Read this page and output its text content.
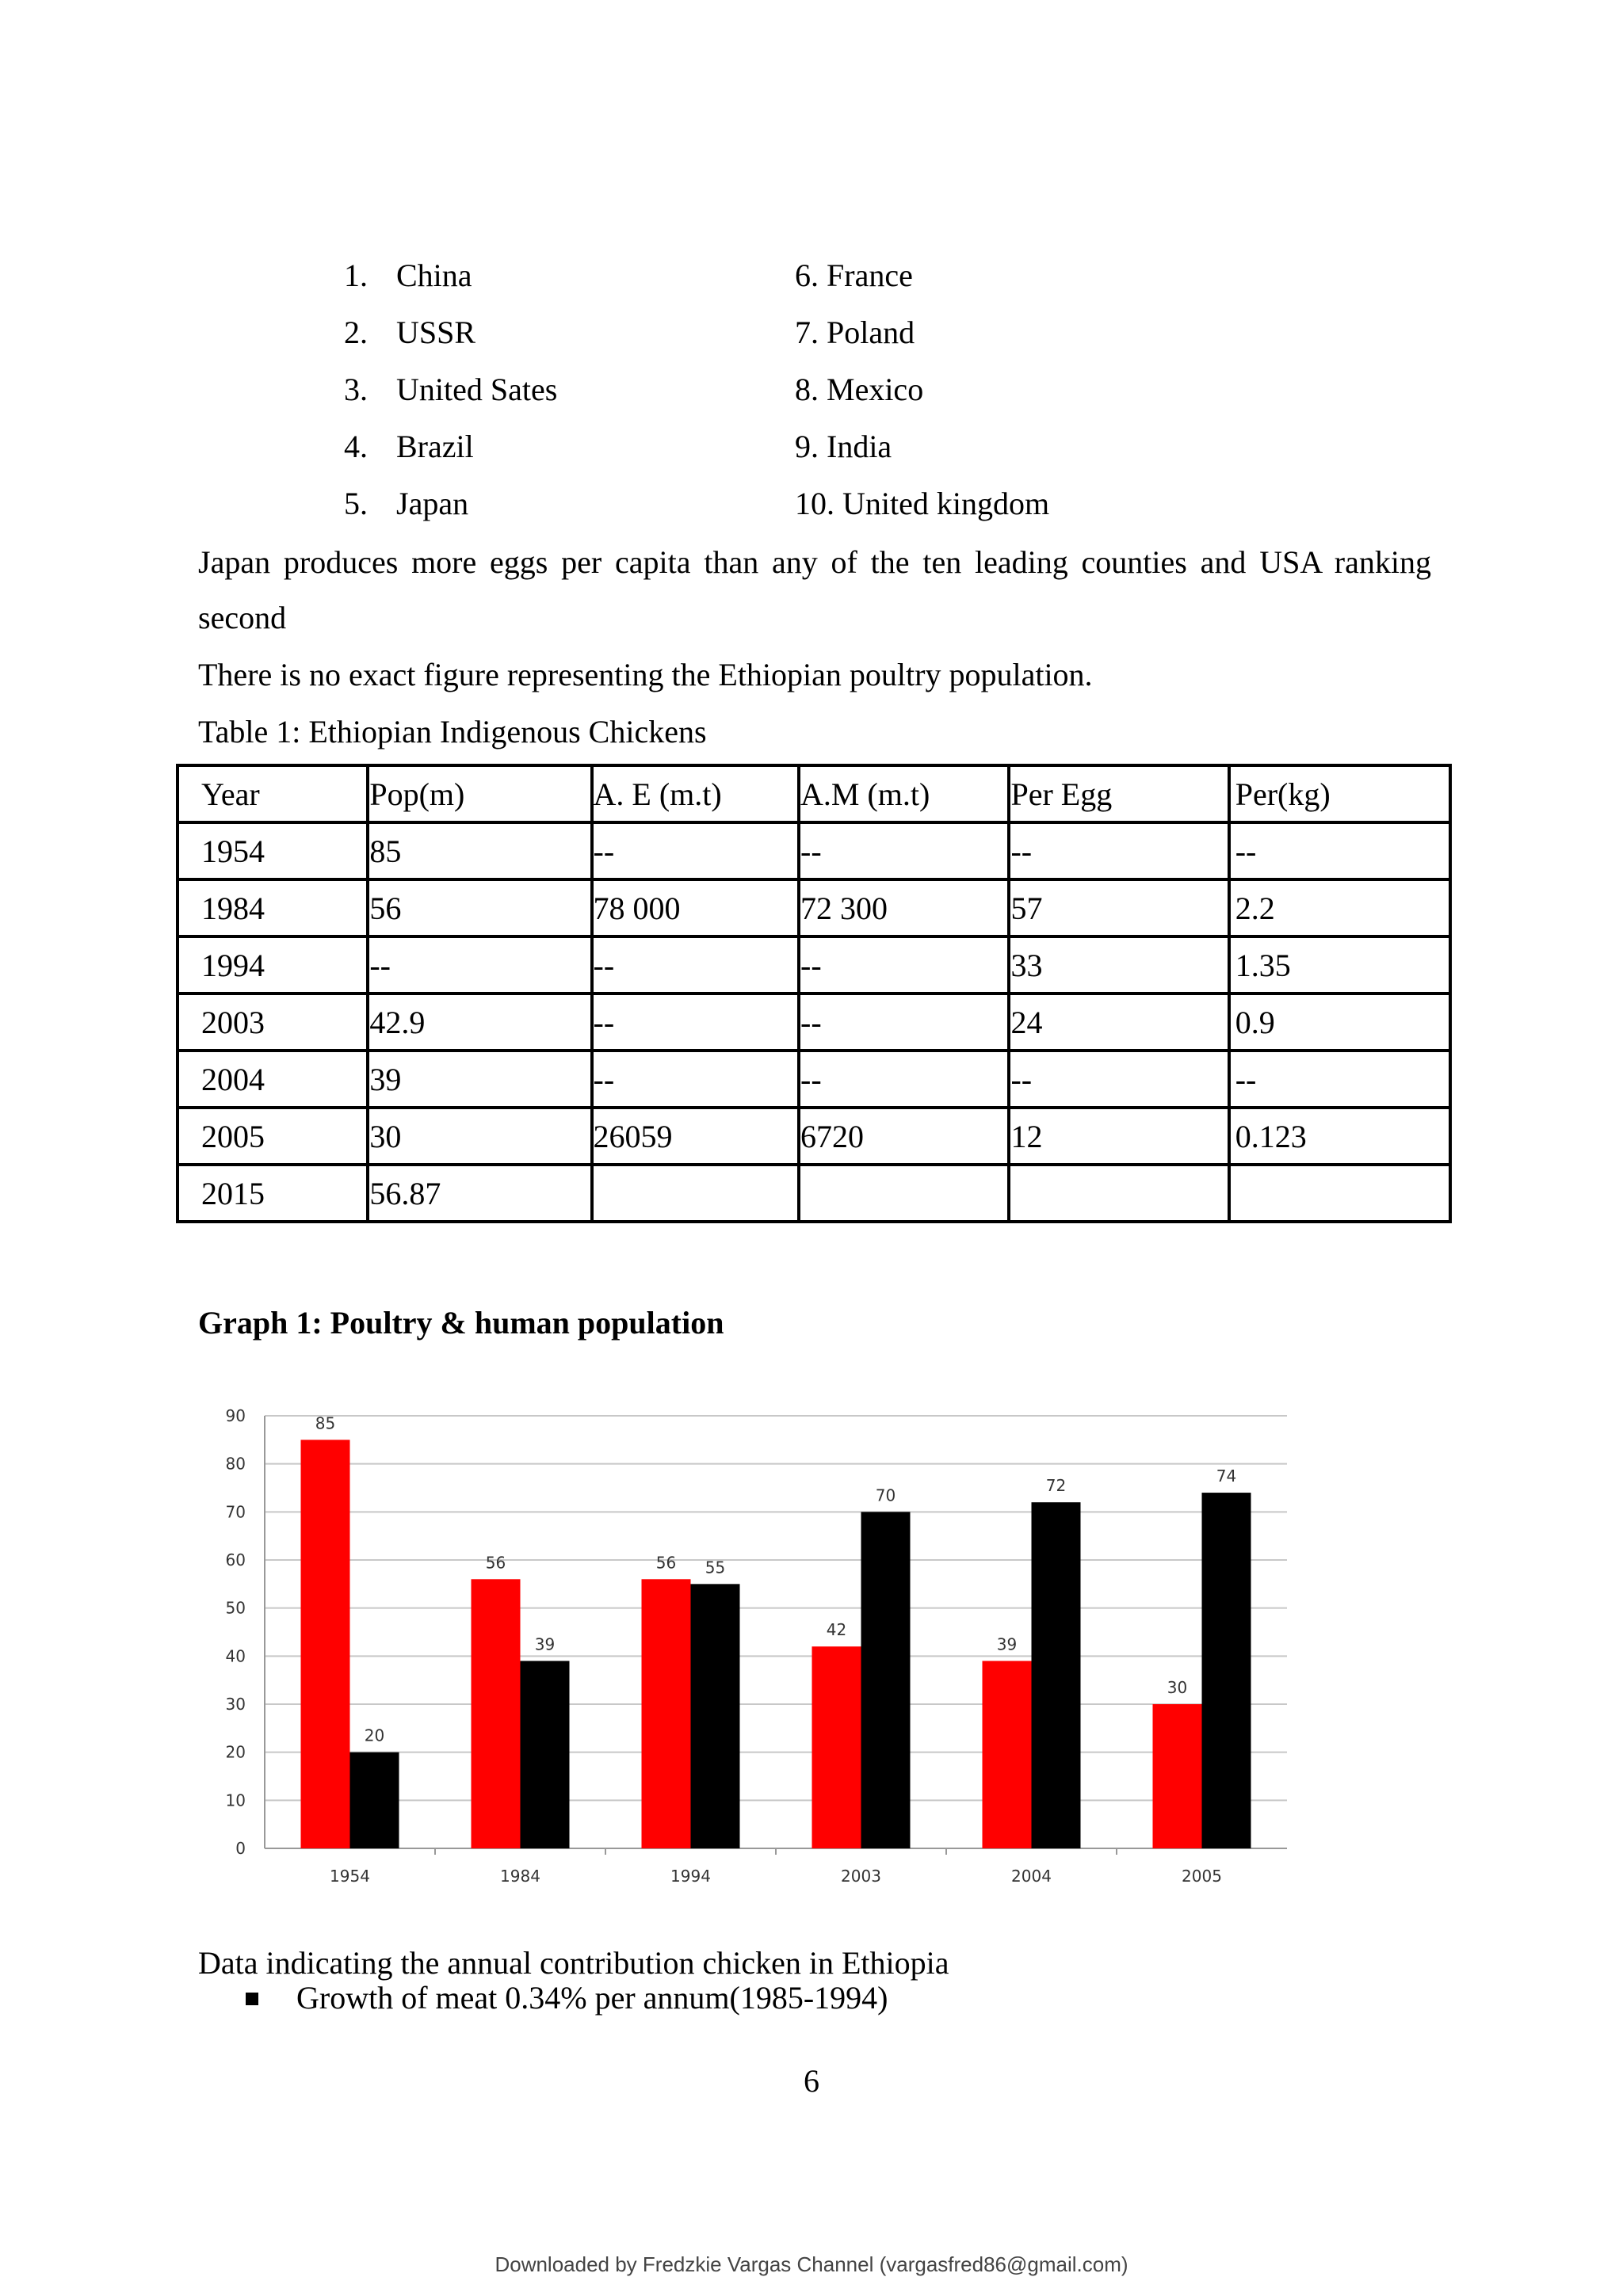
1. China
2. USSR
3. United Sates
4. Brazil
5. Japan
6. France
7. Poland
8. Mexico
9. India
10. United kingdom
Japan produces more eggs per capita than any of the ten leading counties and USA ranking
second
There is no exact figure representing the Ethiopian poultry population.
Table 1: Ethiopian Indigenous Chickens
Year	Pop(m)	A. E (m.t)	A.M (m.t)	Per Egg	Per(kg)
1954	85	--	--	--	--
1984	56	78 000	72 300	57	2.2
1994	--	--	--	33	1.35
2003	42.9	--	--	24	0.9
2004	39	--	--	--	--
2005	30	26059	6720	12	0.123
2015	56.87				
Graph 1: Poultry & human population
0
10
20
30
40
50
60
70
80
90
1954
85
20
1984
56
39
1994
56 55
2003
42
70
2004
39
72
2005
30
74
Data indicating the annual contribution chicken in Ethiopia
Growth of meat 0.34% per annum(1985-1994)
6
Downloaded by Fredzkie Vargas Channel (vargasfred86@gmail.com)
